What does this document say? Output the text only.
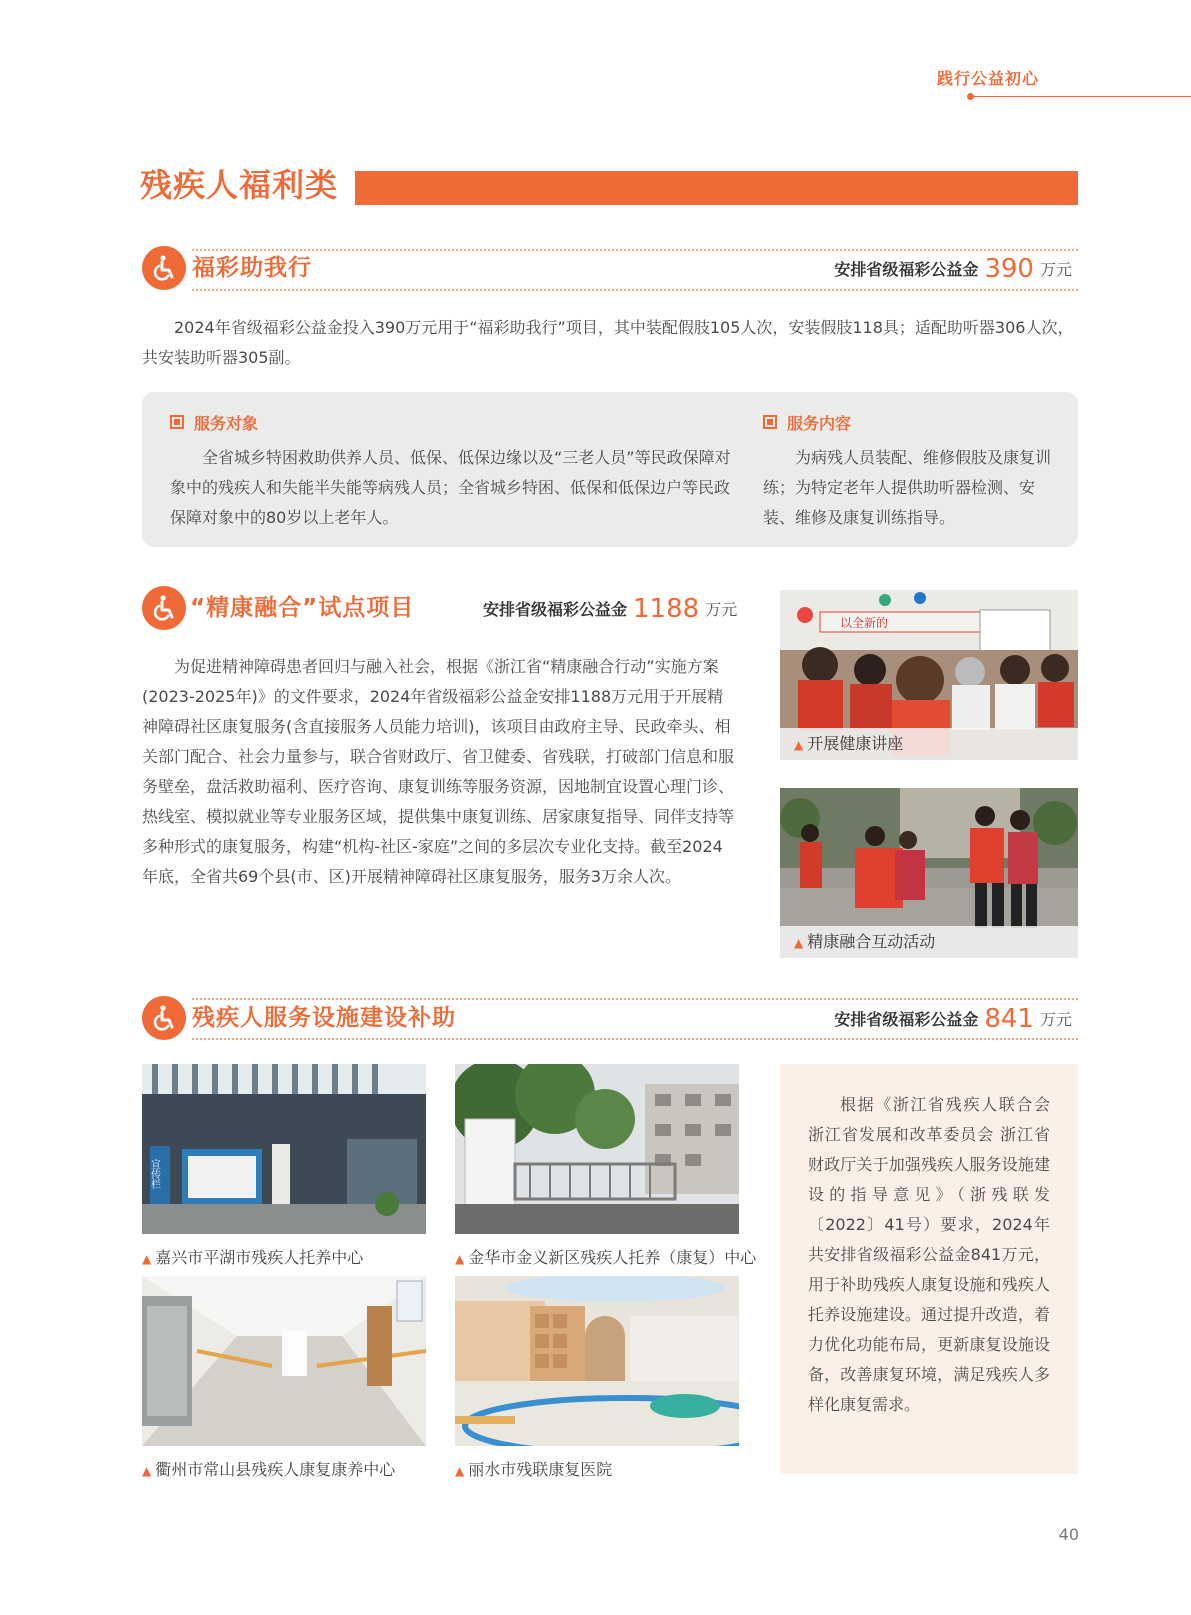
践行公益初心
残疾人福利类
福彩助我行	安排省级福彩公益金 390 万元

2024年省级福彩公益金投入390万元用于“福彩助我行”项目，其中装配假肢105人次，安装假肢118具；适配助听器306人次，共安装助听器305副。

服务对象

全省城乡特困救助供养人员、低保、低保边缘以及“三老人员”等民政保障对象中的残疾人和失能半失能等病残人员；全省城乡特困、低保和低保边户等民政保障对象中的80岁以上老年人。

服务内容

为病残人员装配、维修假肢及康复训练；为特定老年人提供助听器检测、安装、维修及康复训练指导。

“精康融合”试点项目	安排省级福彩公益金 1188 万元

为促进精神障碍患者回归与融入社会，根据《浙江省“精康融合行动”实施方案(2023-2025年)》的文件要求，2024年省级福彩公益金安排1188万元用于开展精神障碍社区康复服务(含直接服务人员能力培训)，该项目由政府主导、民政牵头、相关部门配合、社会力量参与，联合省财政厅、省卫健委、省残联，打破部门信息和服务壁垒，盘活救助福利、医疗咨询、康复训练等服务资源，因地制宜设置心理门诊、热线室、模拟就业等专业服务区域，提供集中康复训练、居家康复指导、同伴支持等多种形式的康复服务，构建“机构-社区-家庭”之间的多层次专业化支持。截至2024年底，全省共69个县(市、区)开展精神障碍社区康复服务，服务3万余人次。

以全新的
▲ 开展健康讲座
▲ 精康融合互动活动
残疾人服务设施建设补助	安排省级福彩公益金 841 万元
宣传栏
▲ 嘉兴市平湖市残疾人托养中心	▲ 金华市金义新区残疾人托养（康复）中心
▲ 衢州市常山县残疾人康复康养中心	▲ 丽水市残联康复医院

根据《浙江省残疾人联合会 浙江省发展和改革委员会 浙江省财政厅关于加强残疾人服务设施建设的指导意见》（浙残联发〔2022〕41号）要求，2024年共安排省级福彩公益金841万元，用于补助残疾人康复设施和残疾人托养设施建设。通过提升改造，着力优化功能布局，更新康复设施设备，改善康复环境，满足残疾人多样化康复需求。

40
